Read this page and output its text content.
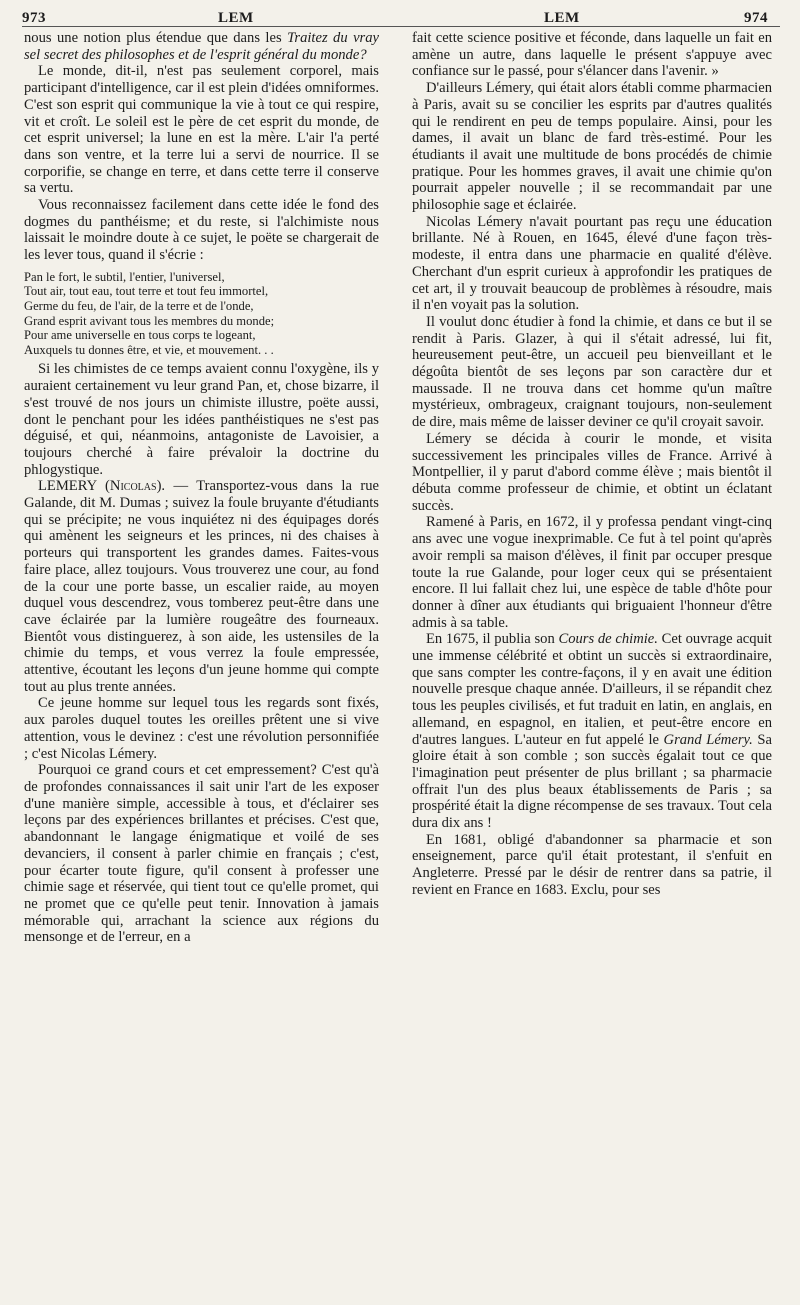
973	LEM	LEM	974

nous une notion plus étendue que dans les Traitez du vray sel secret des philosophes et de l'esprit général du monde?

Le monde, dit-il, n'est pas seulement corporel, mais participant d'intelligence, car il est plein d'idées omniformes. C'est son esprit qui communique la vie à tout ce qui respire, vit et croît. Le soleil est le père de cet esprit du monde, de cet esprit universel; la lune en est la mère. L'air l'a perté dans son ventre, et la terre lui a servi de nourrice. Il se corporifie, se change en terre, et dans cette terre il conserve sa vertu.

Vous reconnaissez facilement dans cette idée le fond des dogmes du panthéisme; et du reste, si l'alchimiste nous laissait le moindre doute à ce sujet, le poëte se chargerait de les lever tous, quand il s'écrie :

Pan le fort, le subtil, l'entier, l'universel,
Tout air, tout eau, tout terre et tout feu immortel,
Germe du feu, de l'air, de la terre et de l'onde,
Grand esprit avivant tous les membres du monde;
Pour ame universelle en tous corps te logeant,
Auxquels tu donnes être, et vie, et mouvement. . .

Si les chimistes de ce temps avaient connu l'oxygène, ils y auraient certainement vu leur grand Pan, et, chose bizarre, il s'est trouvé de nos jours un chimiste illustre, poëte aussi, dont le penchant pour les idées panthéistiques ne s'est pas déguisé, et qui, néanmoins, antagoniste de Lavoisier, a toujours cherché à faire prévaloir la doctrine du phlogystique.

LEMERY (Nicolas). — Transportez-vous dans la rue Galande, dit M. Dumas ; suivez la foule bruyante d'étudiants qui se précipite; ne vous inquiétez ni des équipages dorés qui amènent les seigneurs et les princes, ni des chaises à porteurs qui transportent les grandes dames. Faites-vous faire place, allez toujours. Vous trouverez une cour, au fond de la cour une porte basse, un escalier raide, au moyen duquel vous descendrez, vous tomberez peut-être dans une cave éclairée par la lumière rougeâtre des fourneaux. Bientôt vous distinguerez, à son aide, les ustensiles de la chimie du temps, et vous verrez la foule empressée, attentive, écoutant les leçons d'un jeune homme qui compte tout au plus trente années.

Ce jeune homme sur lequel tous les regards sont fixés, aux paroles duquel toutes les oreilles prêtent une si vive attention, vous le devinez : c'est une révolution personnifiée ; c'est Nicolas Lémery.

Pourquoi ce grand cours et cet empressement? C'est qu'à de profondes connaissances il sait unir l'art de les exposer d'une manière simple, accessible à tous, et d'éclairer ses leçons par des expériences brillantes et précises. C'est que, abandonnant le langage énigmatique et voilé de ses devanciers, il consent à parler chimie en français ; c'est, pour écarter toute figure, qu'il consent à professer une chimie sage et réservée, qui tient tout ce qu'elle promet, qui ne promet que ce qu'elle peut tenir. Innovation à jamais mémorable qui, arrachant la science aux régions du mensonge et de l'erreur, en a

fait cette science positive et féconde, dans laquelle un fait en amène un autre, dans laquelle le présent s'appuye avec confiance sur le passé, pour s'élancer dans l'avenir. »

D'ailleurs Lémery, qui était alors établi comme pharmacien à Paris, avait su se concilier les esprits par d'autres qualités qui le rendirent en peu de temps populaire. Ainsi, pour les dames, il avait un blanc de fard très-estimé. Pour les étudiants il avait une multitude de bons procédés de chimie pratique. Pour les hommes graves, il avait une chimie qu'on pourrait appeler nouvelle ; il se recommandait par une philosophie sage et éclairée.

Nicolas Lémery n'avait pourtant pas reçu une éducation brillante. Né à Rouen, en 1645, élevé d'une façon très-modeste, il entra dans une pharmacie en qualité d'élève. Cherchant d'un esprit curieux à approfondir les pratiques de cet art, il y trouvait beaucoup de problèmes à résoudre, mais il n'en voyait pas la solution.

Il voulut donc étudier à fond la chimie, et dans ce but il se rendit à Paris. Glazer, à qui il s'était adressé, lui fit, heureusement peut-être, un accueil peu bienveillant et le dégoûta bientôt de ses leçons par son caractère dur et maussade. Il ne trouva dans cet homme qu'un maître mystérieux, ombrageux, craignant toujours, non-seulement de dire, mais même de laisser deviner ce qu'il croyait savoir.

Lémery se décida à courir le monde, et visita successivement les principales villes de France. Arrivé à Montpellier, il y parut d'abord comme élève ; mais bientôt il débuta comme professeur de chimie, et obtint un éclatant succès.

Ramené à Paris, en 1672, il y professa pendant vingt-cinq ans avec une vogue inexprimable. Ce fut à tel point qu'après avoir rempli sa maison d'élèves, il finit par occuper presque toute la rue Galande, pour loger ceux qui se présentaient encore. Il lui fallait chez lui, une espèce de table d'hôte pour donner à dîner aux étudiants qui briguaient l'honneur d'être admis à sa table.

En 1675, il publia son Cours de chimie. Cet ouvrage acquit une immense célébrité et obtint un succès si extraordinaire, que sans compter les contre-façons, il y en avait une édition nouvelle presque chaque année. D'ailleurs, il se répandit chez tous les peuples civilisés, et fut traduit en latin, en anglais, en allemand, en espagnol, en italien, et peut-être encore en d'autres langues. L'auteur en fut appelé le Grand Lémery. Sa gloire était à son comble ; son succès égalait tout ce que l'imagination peut présenter de plus brillant ; sa pharmacie offrait l'un des plus beaux établissements de Paris ; sa prospérité était la digne récompense de ses travaux. Tout cela dura dix ans !

En 1681, obligé d'abandonner sa pharmacie et son enseignement, parce qu'il était protestant, il s'enfuit en Angleterre. Pressé par le désir de rentrer dans sa patrie, il revient en France en 1683. Exclu, pour ses
